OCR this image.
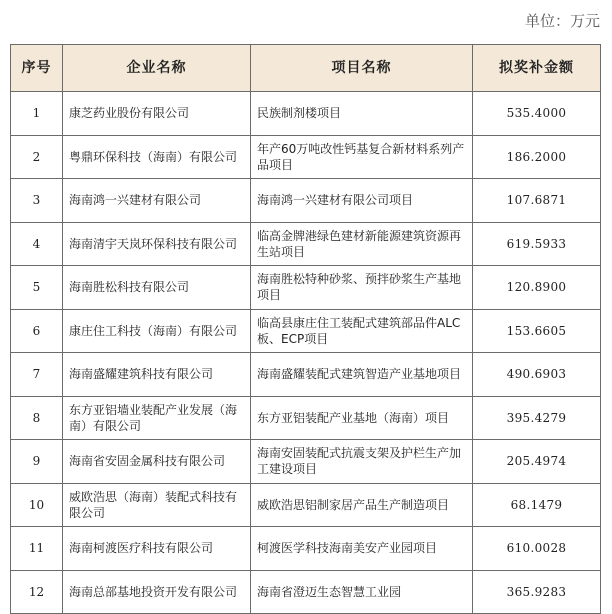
单位：万元
序号	企业名称	项目名称	拟奖补金额
1	康芝药业股份有限公司	民族制剂楼项目	535.4000
2	粤鼎环保科技（海南）有限公司	年产60万吨改性钙基复合新材料系列产品项目	186.2000
3	海南鸿一兴建材有限公司	海南鸿一兴建材有限公司项目	107.6871
4	海南清宇天岚环保科技有限公司	临高金牌港绿色建材新能源建筑资源再生站项目	619.5933
5	海南胜松科技有限公司	海南胜松特种砂浆、预拌砂浆生产基地项目	120.8900
6	康庄住工科技（海南）有限公司	临高县康庄住工装配式建筑部品件ALC板、ECP项目	153.6605
7	海南盛耀建筑科技有限公司	海南盛耀装配式建筑智造产业基地项目	490.6903
8	东方亚铝墙业装配产业发展（海南）有限公司	东方亚铝装配产业基地（海南）项目	395.4279
9	海南省安固金属科技有限公司	海南安固装配式抗震支架及护栏生产加工建设项目	205.4974
10	威欧浩思（海南）装配式科技有限公司	威欧浩思铝制家居产品生产制造项目	68.1479
11	海南柯渡医疗科技有限公司	柯渡医学科技海南美安产业园项目	610.0028
12	海南总部基地投资开发有限公司	海南省澄迈生态智慧工业园	365.9283
